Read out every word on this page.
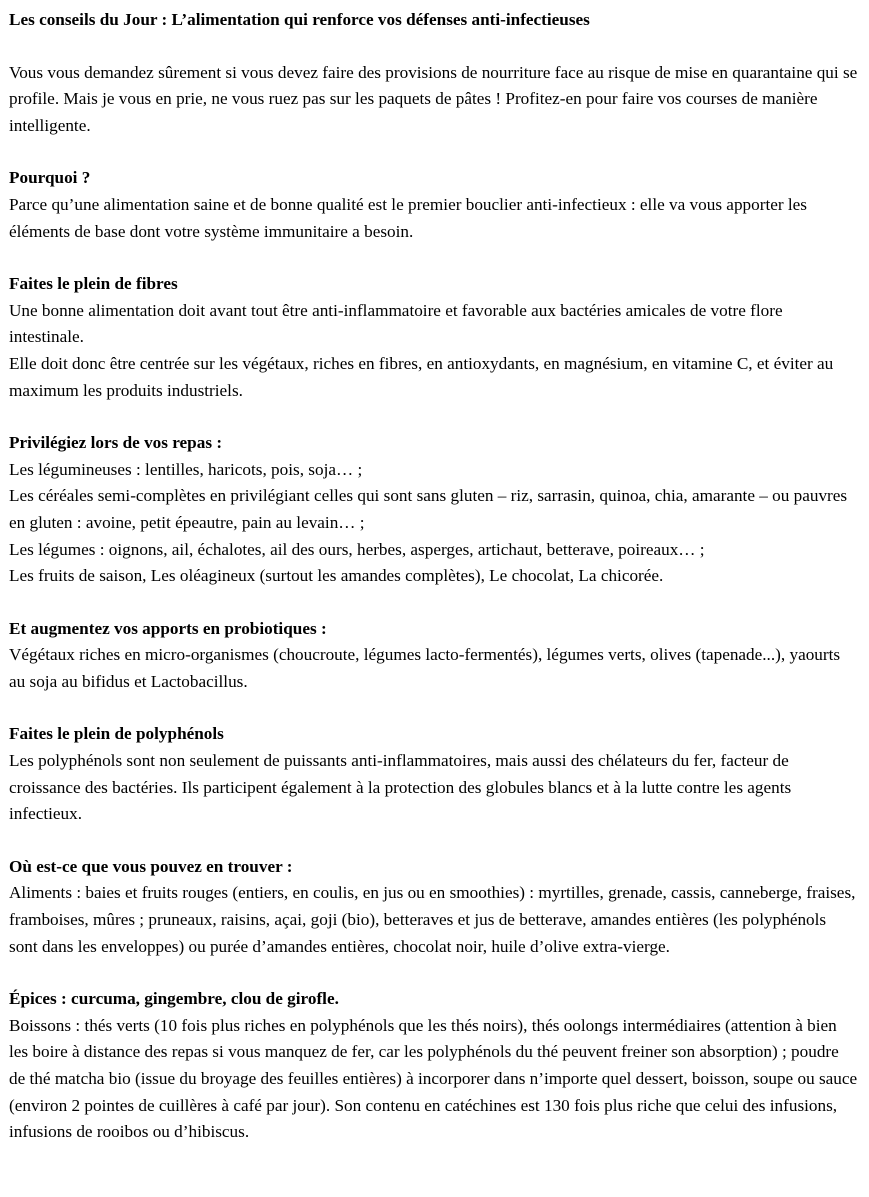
Les conseils du Jour : L’alimentation qui renforce vos défenses anti-infectieuses

Vous vous demandez sûrement si vous devez faire des provisions de nourriture face au risque de mise en quarantaine qui se profile. Mais je vous en prie, ne vous ruez pas sur les paquets de pâtes ! Profitez-en pour faire vos courses de manière intelligente.

Pourquoi ?

Parce qu’une alimentation saine et de bonne qualité est le premier bouclier anti-infectieux : elle va vous apporter les éléments de base dont votre système immunitaire a besoin.

Faites le plein de fibres

Une bonne alimentation doit avant tout être anti-inflammatoire et favorable aux bactéries amicales de votre flore intestinale.

Elle doit donc être centrée sur les végétaux, riches en fibres, en antioxydants, en magnésium, en vitamine C, et éviter au maximum les produits industriels.

Privilégiez lors de vos repas :

Les légumineuses : lentilles, haricots, pois, soja… ;

Les céréales semi-complètes en privilégiant celles qui sont sans gluten – riz, sarrasin, quinoa, chia, amarante – ou pauvres en gluten : avoine, petit épeautre, pain au levain… ;

Les légumes : oignons, ail, échalotes, ail des ours, herbes, asperges, artichaut, betterave, poireaux… ;

Les fruits de saison, Les oléagineux (surtout les amandes complètes), Le chocolat, La chicorée.

Et augmentez vos apports en probiotiques :

Végétaux riches en micro-organismes (choucroute, légumes lacto-fermentés), légumes verts, olives (tapenade...), yaourts au soja au bifidus et Lactobacillus.

Faites le plein de polyphénols

Les polyphénols sont non seulement de puissants anti-inflammatoires, mais aussi des chélateurs du fer, facteur de croissance des bactéries. Ils participent également à la protection des globules blancs et à la lutte contre les agents infectieux.

Où est-ce que vous pouvez en trouver :

Aliments : baies et fruits rouges (entiers, en coulis, en jus ou en smoothies) : myrtilles, grenade, cassis, canneberge, fraises, framboises, mûres ; pruneaux, raisins, açai, goji (bio), betteraves et jus de betterave, amandes entières (les polyphénols sont dans les enveloppes) ou purée d’amandes entières, chocolat noir, huile d’olive extra-vierge.

Épices : curcuma, gingembre, clou de girofle.

Boissons : thés verts (10 fois plus riches en polyphénols que les thés noirs), thés oolongs intermédiaires (attention à bien les boire à distance des repas si vous manquez de fer, car les polyphénols du thé peuvent freiner son absorption) ; poudre de thé matcha bio (issue du broyage des feuilles entières) à incorporer dans n’importe quel dessert, boisson, soupe ou sauce (environ 2 pointes de cuillères à café par jour). Son contenu en catéchines est 130 fois plus riche que celui des infusions, infusions de rooibos ou d’hibiscus.
